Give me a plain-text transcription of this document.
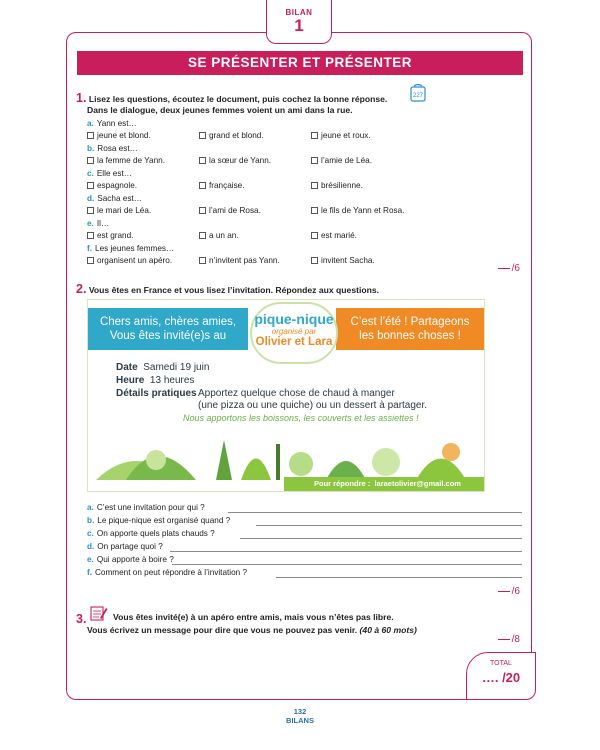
BILAN
1
SE PRÉSENTER ET PRÉSENTER
1. Lisez les questions, écoutez le document, puis cochez la bonne réponse.
Dans le dialogue, deux jeunes femmes voient un ami dans la rue.
227
a. Yann est…
jeune et blond.	grand et blond.	jeune et roux.
b. Rosa est…
la femme de Yann.	la sœur de Yann.	l’amie de Léa.
c. Elle est…
espagnole.	française.	brésilienne.
d. Sacha est…
le mari de Léa.	l’ami de Rosa.	le fils de Yann et Rosa.
e. Il…
est grand.	a un an.	est marié.
f. Les jeunes femmes…
organisent un apéro.	n’invitent pas Yann.	invitent Sacha.
/6
2. Vous êtes en France et vous lisez l’invitation. Répondez aux questions.
Chers amis, chères amies,
Vous êtes invité(e)s au
C’est l’été ! Partageons
les bonnes choses !
pique-nique
organisé par
Olivier et Lara
Date Samedi 19 juin
Heure 13 heures
Détails pratiques Apportez quelque chose de chaud à manger
(une pizza ou une quiche) ou un dessert à partager.
Nous apportons les boissons, les couverts et les assiettes !
Pour répondre : laraetolivier@gmail.com
a. C’est une invitation pour qui ?
b. Le pique-nique est organisé quand ?
c. On apporte quels plats chauds ?
d. On partage quoi ?
e. Qui apporte à boire ?
f. Comment on peut répondre à l’invitation ?
/6
3.	Vous êtes invité(e) à un apéro entre amis, mais vous n’êtes pas libre.
Vous écrivez un message pour dire que vous ne pouvez pas venir. (40 à 60 mots)
/8
TOTAL
…. /20
132
BILANS
